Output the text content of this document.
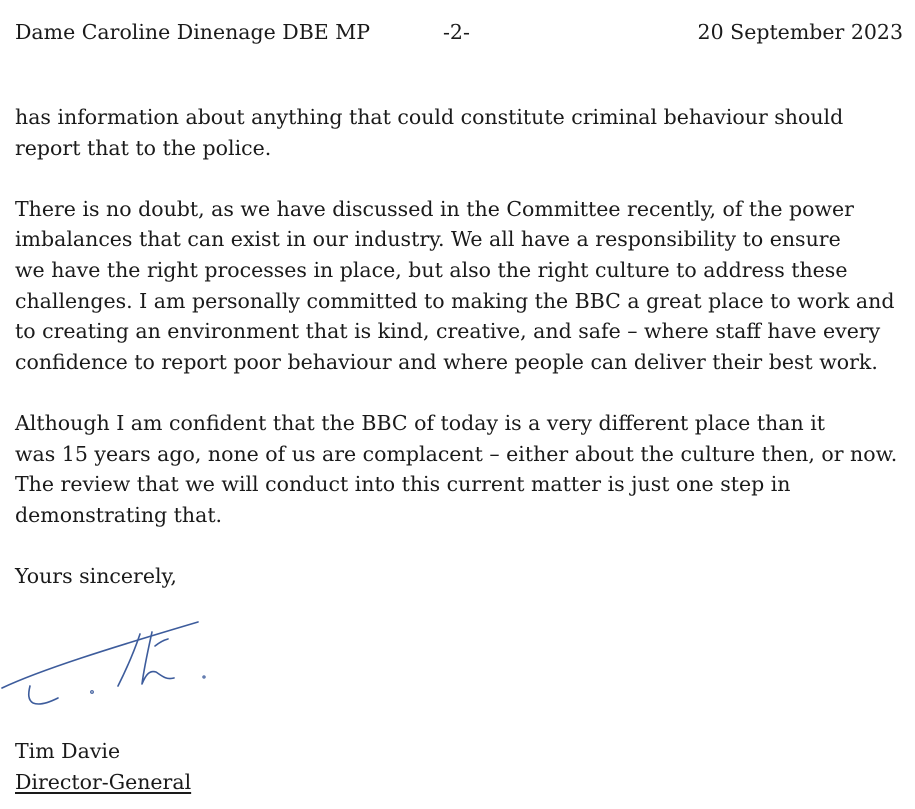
Dame Caroline Dinenage DBE MP	-2-	20 September 2023

has information about anything that could constitute criminal behaviour should
report that to the police.

There is no doubt, as we have discussed in the Committee recently, of the power
imbalances that can exist in our industry. We all have a responsibility to ensure
we have the right processes in place, but also the right culture to address these
challenges. I am personally committed to making the BBC a great place to work and
to creating an environment that is kind, creative, and safe – where staff have every
confidence to report poor behaviour and where people can deliver their best work.

Although I am confident that the BBC of today is a very different place than it
was 15 years ago, none of us are complacent – either about the culture then, or now.
The review that we will conduct into this current matter is just one step in
demonstrating that.

Yours sincerely,

Tim Davie
Director-General
